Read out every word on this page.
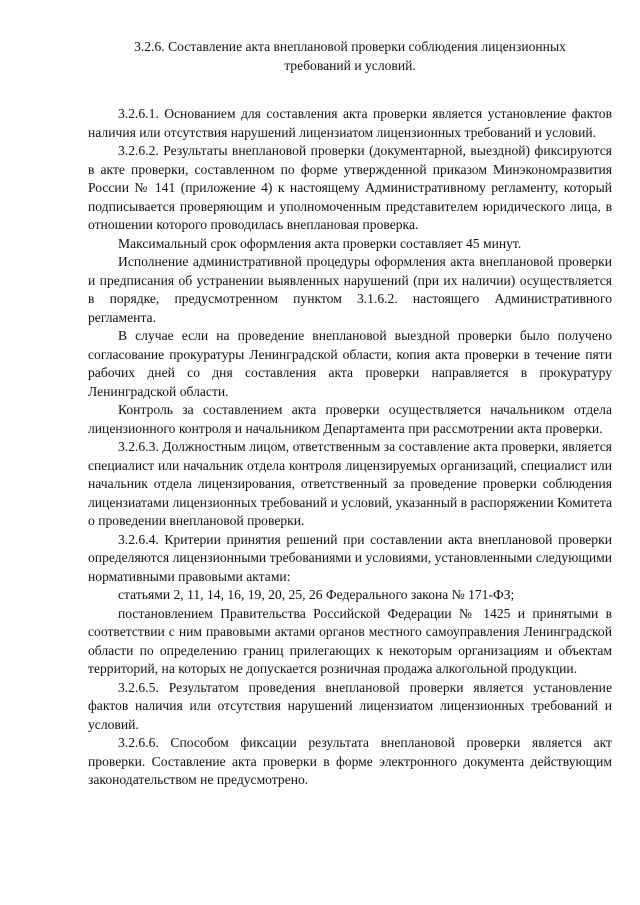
3.2.6. Составление акта внеплановой проверки соблюдения лицензионных требований и условий.

3.2.6.1. Основанием для составления акта проверки является установление фактов наличия или отсутствия нарушений лицензиатом лицензионных требований и условий.

3.2.6.2. Результаты внеплановой проверки (документарной, выездной) фиксируются в акте проверки, составленном по форме утвержденной приказом Минэкономразвития России № 141 (приложение 4) к настоящему Административному регламенту, который подписывается проверяющим и уполномоченным представителем юридического лица, в отношении которого проводилась внеплановая проверка.

Максимальный срок оформления акта проверки составляет 45 минут.

Исполнение административной процедуры оформления акта внеплановой проверки и предписания об устранении выявленных нарушений (при их наличии) осуществляется в порядке, предусмотренном пунктом 3.1.6.2. настоящего Административного регламента.

В случае если на проведение внеплановой выездной проверки было получено согласование прокуратуры Ленинградской области, копия акта проверки в течение пяти рабочих дней со дня составления акта проверки направляется в прокуратуру Ленинградской области.

Контроль за составлением акта проверки осуществляется начальником отдела лицензионного контроля и начальником Департамента при рассмотрении акта проверки.

3.2.6.3. Должностным лицом, ответственным за составление акта проверки, является специалист или начальник отдела контроля лицензируемых организаций, специалист или начальник отдела лицензирования, ответственный за проведение проверки соблюдения лицензиатами лицензионных требований и условий, указанный в распоряжении Комитета о проведении внеплановой проверки.

3.2.6.4. Критерии принятия решений при составлении акта внеплановой проверки определяются лицензионными требованиями и условиями, установленными следующими нормативными правовыми актами:

статьями 2, 11, 14, 16, 19, 20, 25, 26 Федерального закона № 171-ФЗ;

постановлением Правительства Российской Федерации № 1425 и принятыми в соответствии с ним правовыми актами органов местного самоуправления Ленинградской области по определению границ прилегающих к некоторым организациям и объектам территорий, на которых не допускается розничная продажа алкогольной продукции.

3.2.6.5. Результатом проведения внеплановой проверки является установление фактов наличия или отсутствия нарушений лицензиатом лицензионных требований и условий.

3.2.6.6. Способом фиксации результата внеплановой проверки является акт проверки. Составление акта проверки в форме электронного документа действующим законодательством не предусмотрено.
